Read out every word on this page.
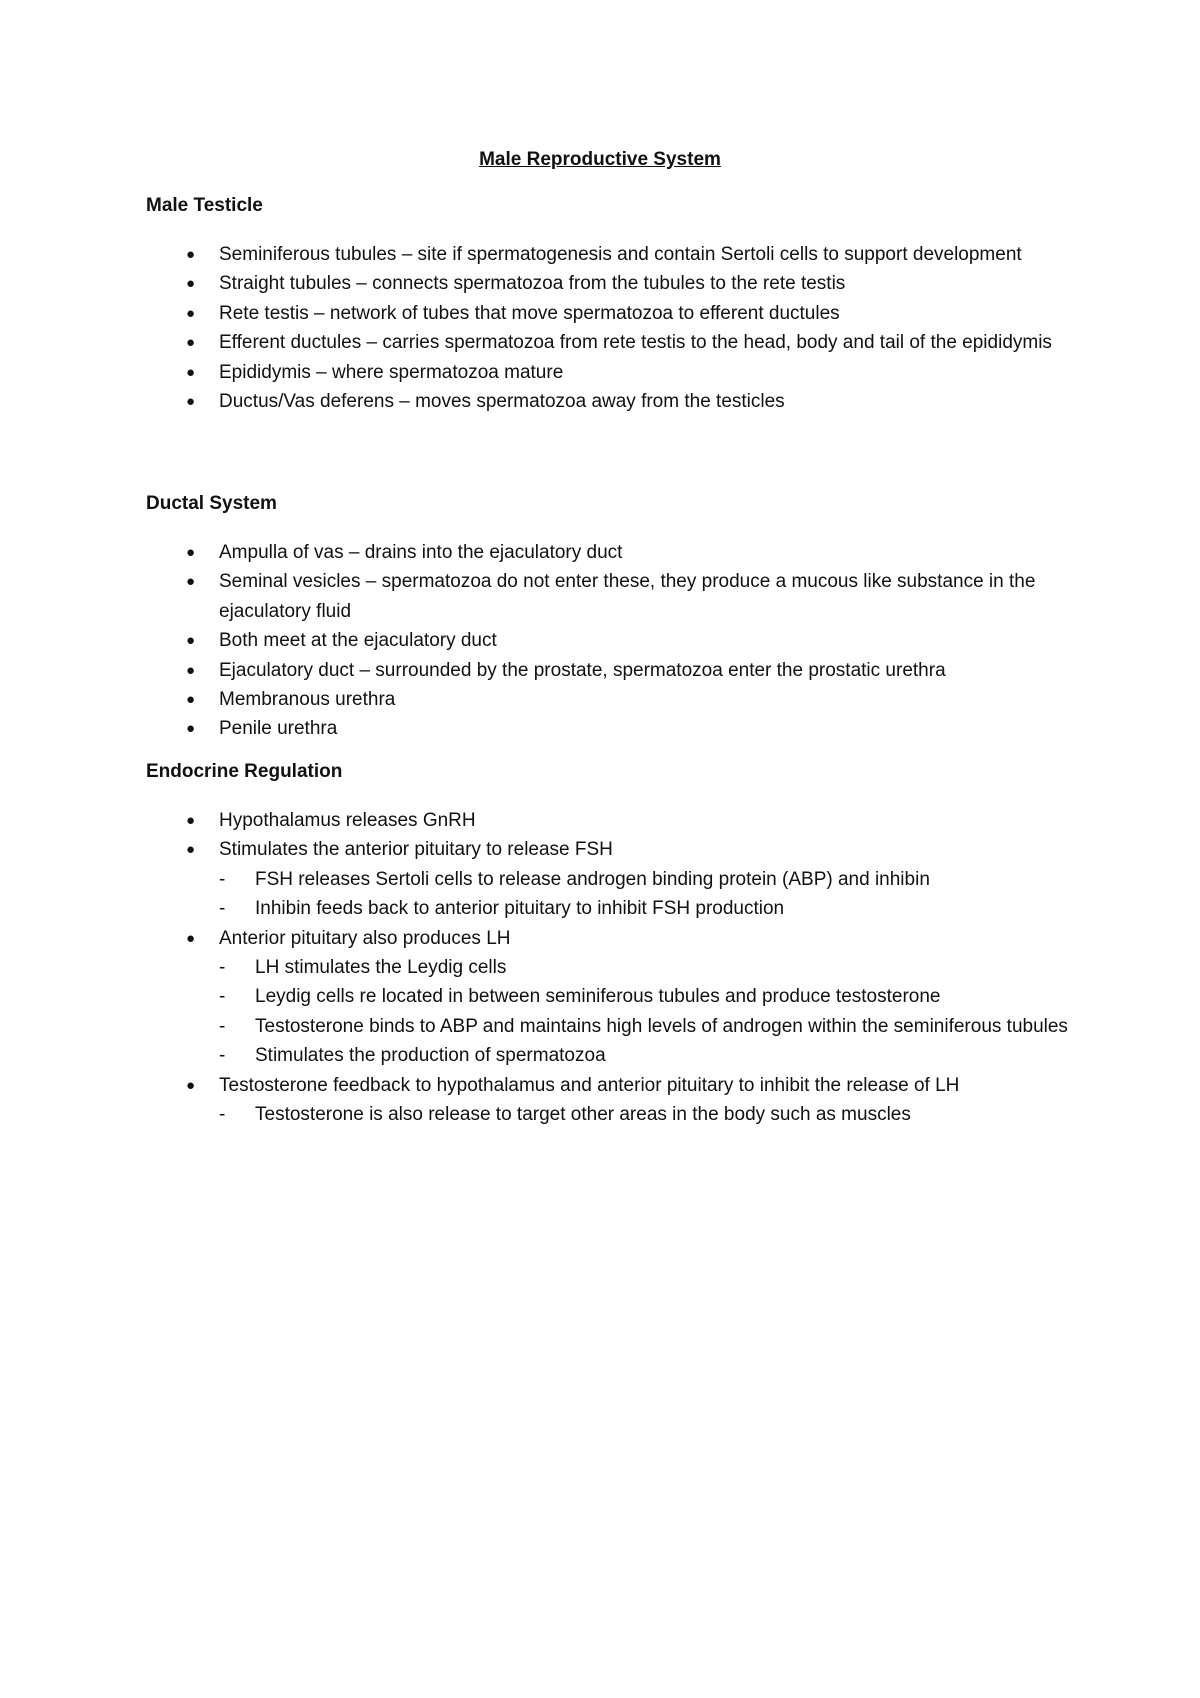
Male Reproductive System
Male Testicle
● Seminiferous tubules – site if spermatogenesis and contain Sertoli cells to support development
● Straight tubules – connects spermatozoa from the tubules to the rete testis
● Rete testis – network of tubes that move spermatozoa to efferent ductules
● Efferent ductules – carries spermatozoa from rete testis to the head, body and tail of the epididymis
● Epididymis – where spermatozoa mature
● Ductus/Vas deferens – moves spermatozoa away from the testicles
Ductal System
● Ampulla of vas – drains into the ejaculatory duct
● Seminal vesicles – spermatozoa do not enter these, they produce a mucous like substance in the ejaculatory fluid
● Both meet at the ejaculatory duct
● Ejaculatory duct – surrounded by the prostate, spermatozoa enter the prostatic urethra
● Membranous urethra
● Penile urethra
Endocrine Regulation
● Hypothalamus releases GnRH
● Stimulates the anterior pituitary to release FSH
- FSH releases Sertoli cells to release androgen binding protein (ABP) and inhibin
- Inhibin feeds back to anterior pituitary to inhibit FSH production
● Anterior pituitary also produces LH
- LH stimulates the Leydig cells
- Leydig cells re located in between seminiferous tubules and produce testosterone
- Testosterone binds to ABP and maintains high levels of androgen within the seminiferous tubules
- Stimulates the production of spermatozoa
● Testosterone feedback to hypothalamus and anterior pituitary to inhibit the release of LH
- Testosterone is also release to target other areas in the body such as muscles
